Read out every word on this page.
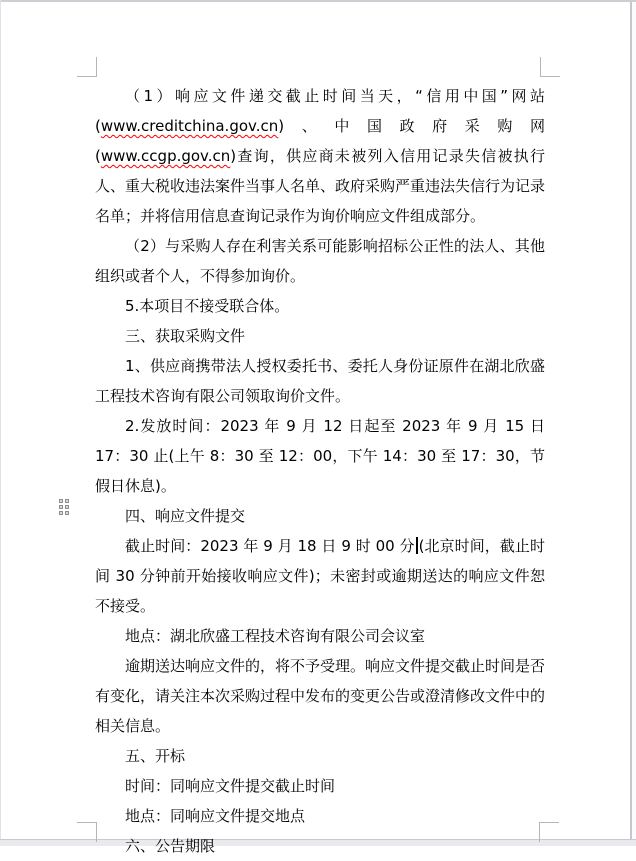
（1）响应文件递交截止时间当天，“信用中国”网站(www.creditchina.gov.cn)、中国政府采购网(www.ccgp.gov.cn)查询，供应商未被列入信用记录失信被执行人、重大税收违法案件当事人名单、政府采购严重违法失信行为记录名单；并将信用信息查询记录作为询价响应文件组成部分。

（2）与采购人存在利害关系可能影响招标公正性的法人、其他组织或者个人，不得参加询价。

5.本项目不接受联合体。

三、获取采购文件

1、供应商携带法人授权委托书、委托人身份证原件在湖北欣盛工程技术咨询有限公司领取询价文件。

2.发放时间：2023 年 9 月 12 日起至 2023 年 9 月 15 日 17：30 止(上午 8：30 至 12：00，下午 14：30 至 17：30，节假日休息)。

四、响应文件提交

截止时间：2023 年 9 月 18 日 9 时 00 分 (北京时间，截止时间 30 分钟前开始接收响应文件)；未密封或逾期送达的响应文件恕不接受。

地点：湖北欣盛工程技术咨询有限公司会议室

逾期送达响应文件的，将不予受理。响应文件提交截止时间是否有变化，请关注本次采购过程中发布的变更公告或澄清修改文件中的相关信息。

五、开标

时间：同响应文件提交截止时间

地点：同响应文件提交地点

六、公告期限
